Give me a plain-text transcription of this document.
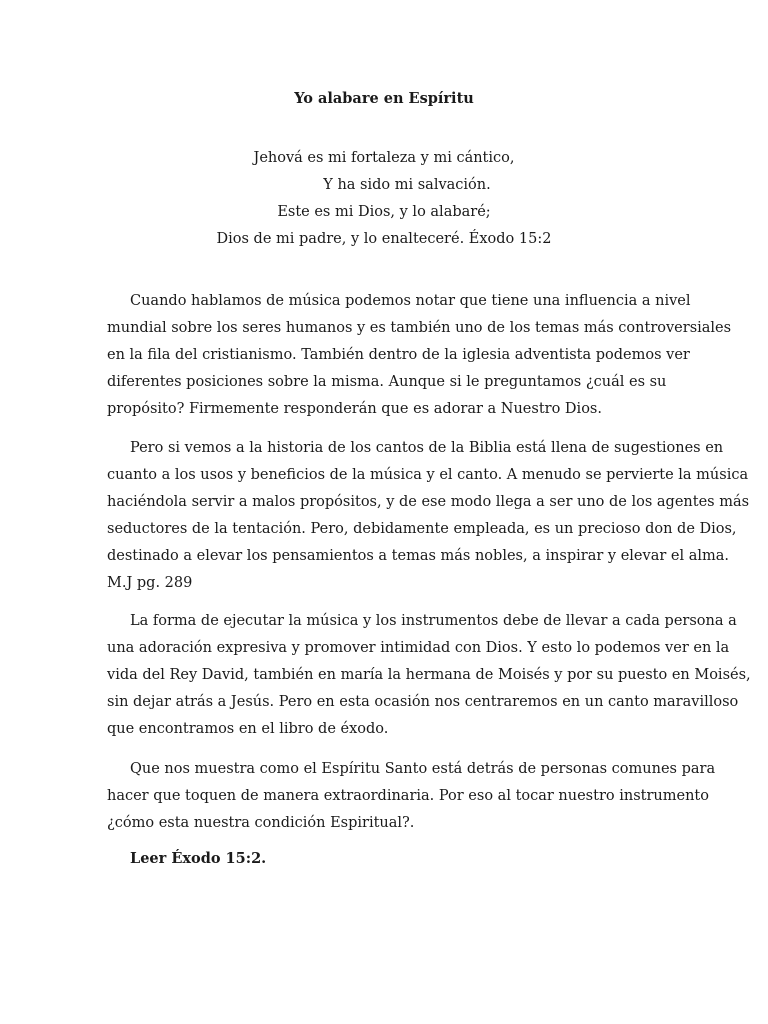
Yo alabare en Espíritu
Jehová es mi fortaleza y mi cántico,
Y ha sido mi salvación.
Este es mi Dios, y lo alabaré;
Dios de mi padre, y lo enalteceré. Éxodo 15:2

Cuando hablamos de música podemos notar que tiene una influencia a nivel
mundial sobre los seres humanos y es también uno de los temas más controversiales
en la fila del cristianismo. También dentro de la iglesia adventista podemos ver
diferentes posiciones sobre la misma. Aunque si le preguntamos ¿cuál es su
propósito? Firmemente responderán que es adorar a Nuestro Dios.

Pero si vemos a la historia de los cantos de la Biblia está llena de sugestiones en
cuanto a los usos y beneficios de la música y el canto. A menudo se pervierte la música
haciéndola servir a malos propósitos, y de ese modo llega a ser uno de los agentes más
seductores de la tentación. Pero, debidamente empleada, es un precioso don de Dios,
destinado a elevar los pensamientos a temas más nobles, a inspirar y elevar el alma.
M.J pg. 289

La forma de ejecutar la música y los instrumentos debe de llevar a cada persona a
una adoración expresiva y promover intimidad con Dios. Y esto lo podemos ver en la
vida del Rey David, también en maría la hermana de Moisés y por su puesto en Moisés,
sin dejar atrás a Jesús. Pero en esta ocasión nos centraremos en un canto maravilloso
que encontramos en el libro de éxodo.

Que nos muestra como el Espíritu Santo está detrás de personas comunes para
hacer que toquen de manera extraordinaria. Por eso al tocar nuestro instrumento
¿cómo esta nuestra condición Espiritual?.

Leer Éxodo 15:2.
